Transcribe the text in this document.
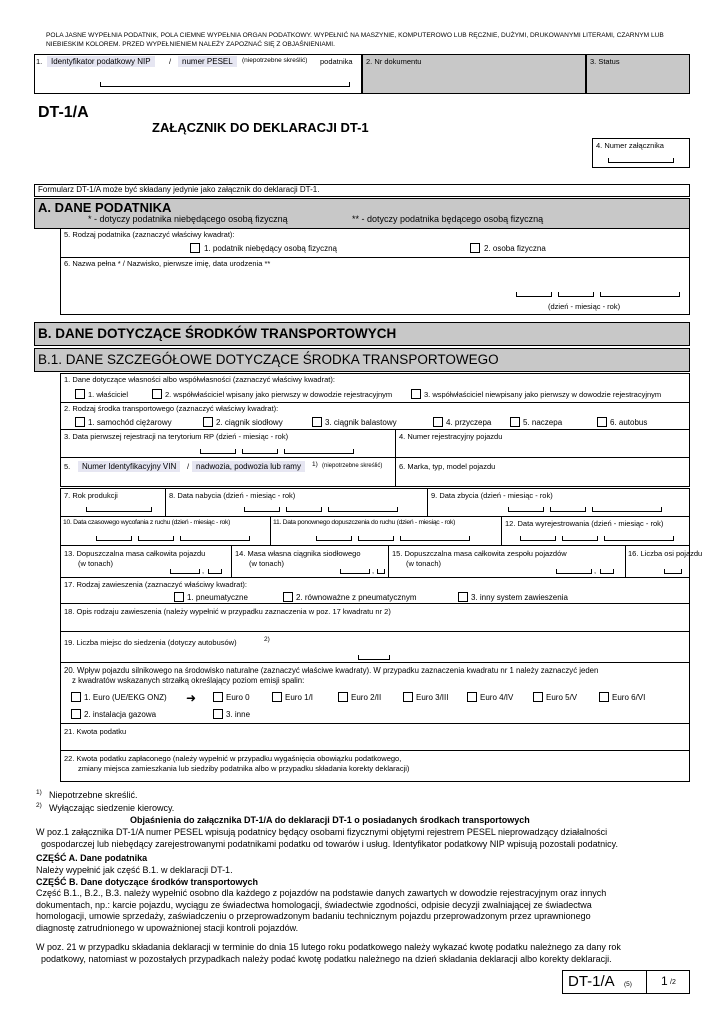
POLA JASNE WYPEŁNIA PODATNIK, POLA CIEMNE WYPEŁNIA ORGAN PODATKOWY. WYPEŁNIĆ NA MASZYNIE, KOMPUTEROWO LUB RĘCZNIE, DUŻYMI, DRUKOWANYMI LITERAMI, CZARNYM LUB NIEBIESKIM KOLOREM. PRZED WYPEŁNIENIEM NALEŻY ZAPOZNAĆ SIĘ Z OBJAŚNIENIAMI.
1.	Identyfikator podatkowy NIP	/	numer PESEL	(niepotrzebne skreślić) podatnika 2. Nr dokumentu	3. Status
DT-1/A
ZAŁĄCZNIK DO DEKLARACJI DT-1
4. Numer załącznika
Formularz DT-1/A może być składany jedynie jako załącznik do deklaracji DT-1.
A. DANE PODATNIKA
* - dotyczy podatnika niebędącego osobą fizyczną	** - dotyczy podatnika będącego osobą fizyczną
5. Rodzaj podatnika (zaznaczyć właściwy kwadrat):
1. podatnik niebędący osobą fizyczną	2. osoba fizyczna
6. Nazwa pełna * / Nazwisko, pierwsze imię, data urodzenia **
(dzień - miesiąc - rok)
B. DANE DOTYCZĄCE ŚRODKÓW TRANSPORTOWYCH
B.1. DANE SZCZEGÓŁOWE DOTYCZĄCE ŚRODKA TRANSPORTOWEGO
1. Dane dotyczące własności albo współwłasności (zaznaczyć właściwy kwadrat):
1. właściciel	2. współwłaściciel wpisany jako pierwszy w dowodzie rejestracyjnym	3. współwłaściciel niewpisany jako pierwszy w dowodzie rejestracyjnym
2. Rodzaj środka transportowego (zaznaczyć właściwy kwadrat):
1. samochód ciężarowy	2. ciągnik siodłowy	3. ciągnik balastowy	4. przyczepa	5. naczepa	6. autobus
3. Data pierwszej rejestracji na terytorium RP (dzień - miesiąc - rok)	4. Numer rejestracyjny pojazdu
5.	Numer Identyfikacyjny VIN	/ nadwozia, podwozia lub ramy	1) (niepotrzebne skreślić) 6. Marka, typ, model pojazdu
7. Rok produkcji	8. Data nabycia (dzień - miesiąc - rok)	9. Data zbycia (dzień - miesiąc - rok)
10. Data czasowego wycofania z ruchu (dzień - miesiąc - rok)	11. Data ponownego dopuszczenia do ruchu (dzień - miesiąc - rok)	12. Data wyrejestrowania (dzień - miesiąc - rok)
13. Dopuszczalna masa całkowita pojazdu
(w tonach)
,
14. Masa własna ciągnika siodłowego
(w tonach)
,
15. Dopuszczalna masa całkowita zespołu pojazdów
(w tonach)
,
16. Liczba osi pojazdu
17. Rodzaj zawieszenia (zaznaczyć właściwy kwadrat):
1. pneumatyczne	2. równoważne z pneumatycznym	3. inny system zawieszenia
18. Opis rodzaju zawieszenia (należy wypełnić w przypadku zaznaczenia w poz. 17 kwadratu nr 2)
19. Liczba miejsc do siedzenia (dotyczy autobusów)	2)
20. Wpływ pojazdu silnikowego na środowisko naturalne (zaznaczyć właściwe kwadraty). W przypadku zaznaczenia kwadratu nr 1 należy zaznaczyć jeden
z kwadratów wskazanych strzałką określający poziom emisji spalin:
1. Euro (UE/EKG ONZ) ➜	Euro 0	Euro 1/I	Euro 2/II	Euro 3/III	Euro 4/IV	Euro 5/V	Euro 6/VI
2. instalacja gazowa	3. inne
21. Kwota podatku
22. Kwota podatku zapłaconego (należy wypełnić w przypadku wygaśnięcia obowiązku podatkowego,
zmiany miejsca zamieszkania lub siedziby podatnika albo w przypadku składania korekty deklaracji)
1) Niepotrzebne skreślić.
2) Wyłączając siedzenie kierowcy.
Objaśnienia do załącznika DT-1/A do deklaracji DT-1 o posiadanych środkach transportowych
W poz.1 załącznika DT-1/A numer PESEL wpisują podatnicy będący osobami fizycznymi objętymi rejestrem PESEL nieprowadzący działalności
gospodarczej lub niebędący zarejestrowanymi podatnikami podatku od towarów i usług. Identyfikator podatkowy NIP wpisują pozostali podatnicy.
CZĘŚĆ A. Dane podatnika
Należy wypełnić jak część B.1. w deklaracji DT-1.
CZĘŚĆ B. Dane dotyczące środków transportowych
Część B.1., B.2., B.3. należy wypełnić osobno dla każdego z pojazdów na podstawie danych zawartych w dowodzie rejestracyjnym oraz innych
dokumentach, np.: karcie pojazdu, wyciągu ze świadectwa homologacji, świadectwie zgodności, odpisie decyzji zwalniającej ze świadectwa
homologacji, umowie sprzedaży, zaświadczeniu o przeprowadzonym badaniu technicznym pojazdu przeprowadzonym przez uprawnionego
diagnostę zatrudnionego w upoważnionej stacji kontroli pojazdów.
W poz. 21 w przypadku składania deklaracji w terminie do dnia 15 lutego roku podatkowego należy wykazać kwotę podatku należnego za dany rok
podatkowy, natomiast w pozostałych przypadkach należy podać kwotę podatku należnego na dzień składania deklaracji albo korekty deklaracji.
DT-1/A (5) 1 /2
